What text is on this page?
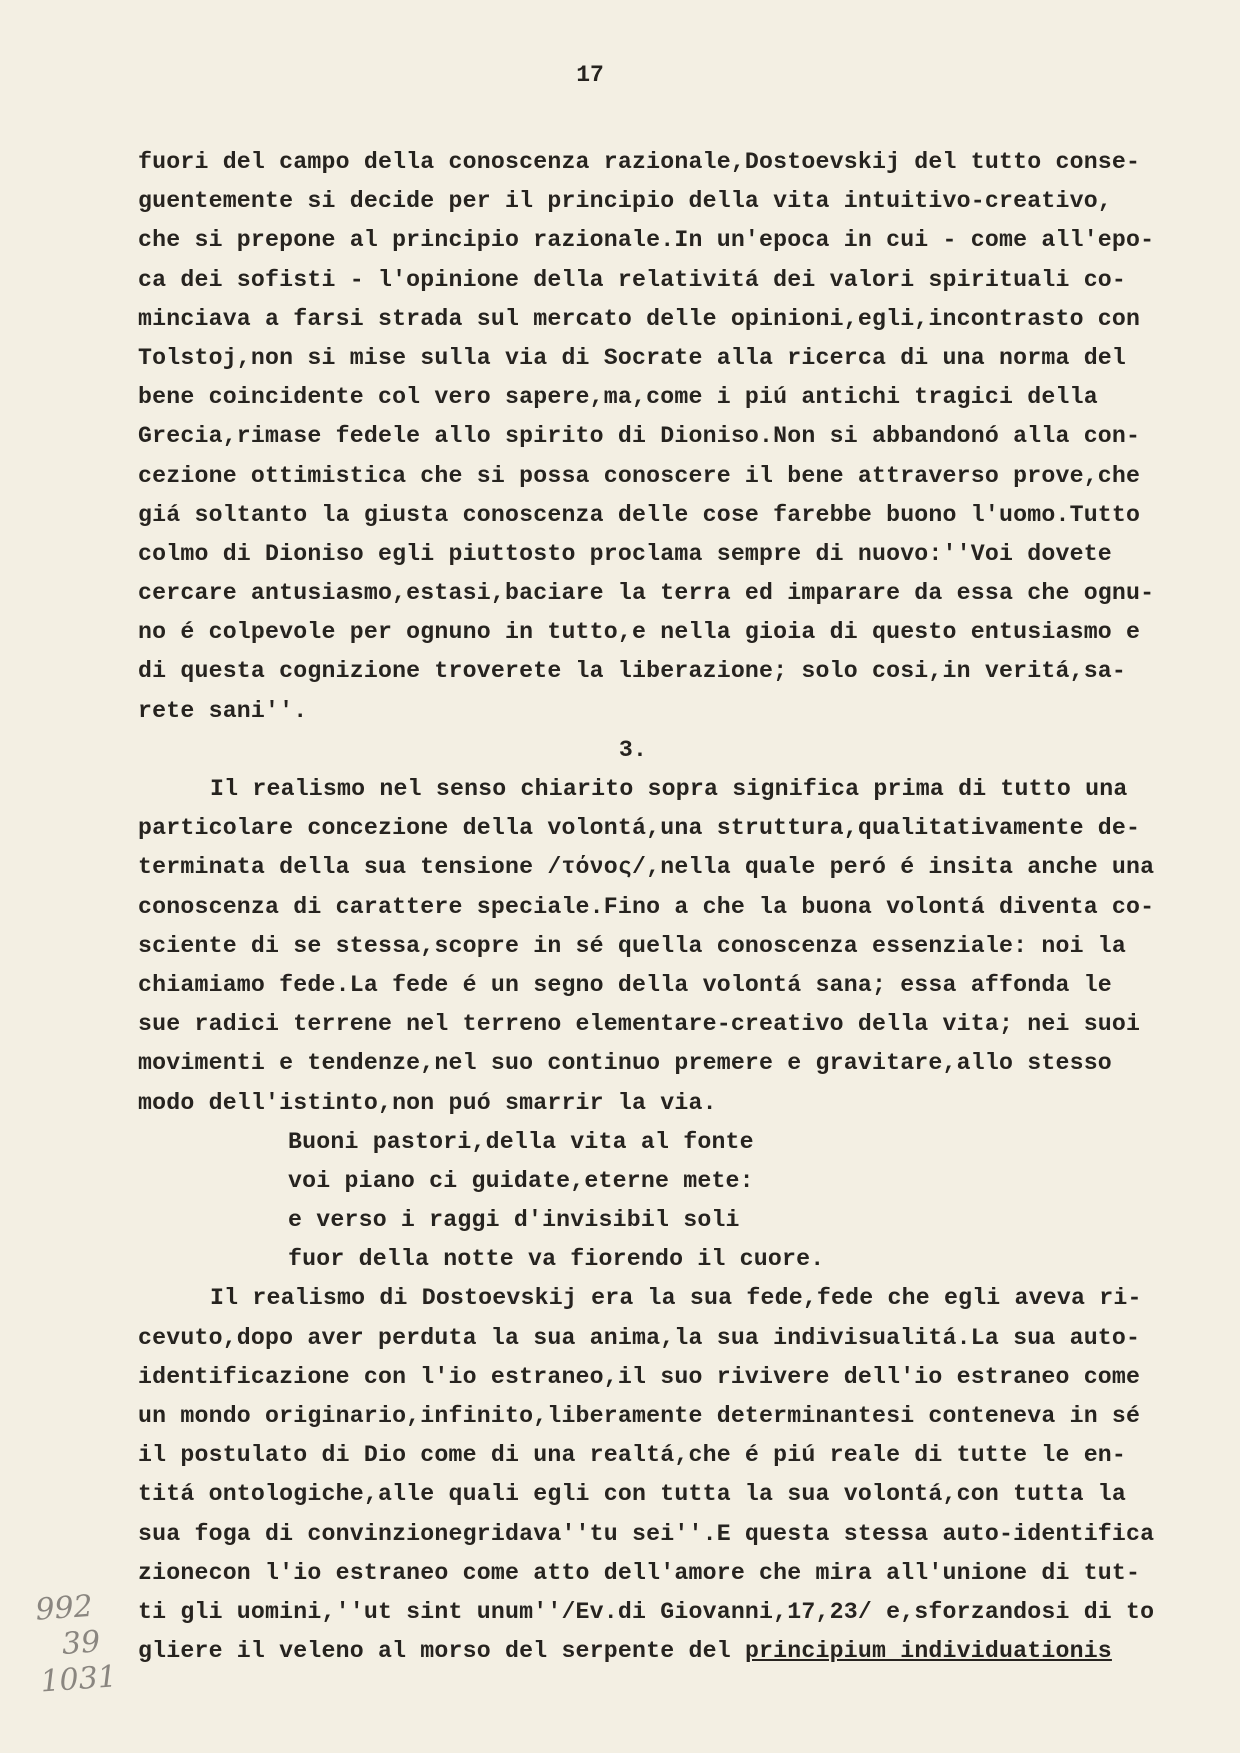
17
fuori del campo della conoscenza razionale,Dostoevskij del tutto conse-
guentemente si decide per il principio della vita intuitivo-creativo,
che si prepone al principio razionale.In un'epoca in cui - come all'epo-
ca dei sofisti - l'opinione della relativitá dei valori spirituali co-
minciava a farsi strada sul mercato delle opinioni,egli,incontrasto con
Tolstoj,non si mise sulla via di Socrate alla ricerca di una norma del
bene coincidente col vero sapere,ma,come i piú antichi tragici della
Grecia,rimase fedele allo spirito di Dioniso.Non si abbandonó alla con-
cezione ottimistica che si possa conoscere il bene attraverso prove,che
giá soltanto la giusta conoscenza delle cose farebbe buono l'uomo.Tutto
colmo di Dioniso egli piuttosto proclama sempre di nuovo:''Voi dovete
cercare antusiasmo,estasi,baciare la terra ed imparare da essa che ognu-
no é colpevole per ognuno in tutto,e nella gioia di questo entusiasmo e
di questa cognizione troverete la liberazione; solo cosi,in veritá,sa-
rete sani''.
3.
Il realismo nel senso chiarito sopra significa prima di tutto una
particolare concezione della volontá,una struttura,qualitativamente de-
terminata della sua tensione /τόνος/,nella quale peró é insita anche una
conoscenza di carattere speciale.Fino a che la buona volontá diventa co-
sciente di se stessa,scopre in sé quella conoscenza essenziale: noi la
chiamiamo fede.La fede é un segno della volontá sana; essa affonda le
sue radici terrene nel terreno elementare-creativo della vita; nei suoi
movimenti e tendenze,nel suo continuo premere e gravitare,allo stesso
modo dell'istinto,non puó smarrir la via.
Buoni pastori,della vita al fonte
voi piano ci guidate,eterne mete:
e verso i raggi d'invisibil soli
fuor della notte va fiorendo il cuore.
Il realismo di Dostoevskij era la sua fede,fede che egli aveva ri-
cevuto,dopo aver perduta la sua anima,la sua indivisualitá.La sua auto-
identificazione con l'io estraneo,il suo rivivere dell'io estraneo come
un mondo originario,infinito,liberamente determinantesi conteneva in sé
il postulato di Dio come di una realtá,che é piú reale di tutte le en-
titá ontologiche,alle quali egli con tutta la sua volontá,con tutta la
sua foga di convinzionegridava''tu sei''.E questa stessa auto-identifica
zionecon l'io estraneo come atto dell'amore che mira all'unione di tut-
ti gli uomini,''ut sint unum''/Ev.di Giovanni,17,23/ e,sforzandosi di to
gliere il veleno al morso del serpente del principium individuationis
992
39
1031
